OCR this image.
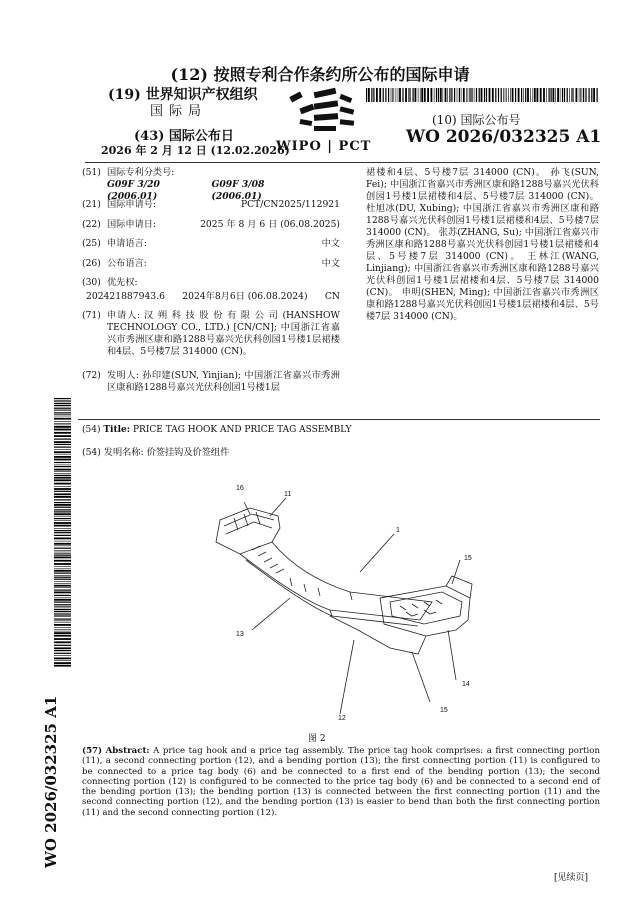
(12) 按照专利合作条约所公布的国际申请
(19) 世界知识产权组织
国际局
(43) 国际公布日
2026 年 2 月 12 日 (12.02.2026)
WIPO | PCT
(10) 国际公布号
WO 2026/032325 A1
(51) 国际专利分类号:
G09F 3/20 (2006.01)
G09F 3/08 (2006.01)
(21) 国际申请号:	PCT/CN2025/112921
(22) 国际申请日:	2025 年 8 月 6 日 (06.08.2025)
(25) 申请语言:	中文
(26) 公布语言:	中文
(30) 优先权:
202421887943.6 2024年8月6日 (06.08.2024) CN
(71) 申请人: 汉 朔 科 技 股 份 有 限 公 司 (HANSHOW TECHNOLOGY CO., LTD.) [CN/CN]; 中国浙江省嘉兴市秀洲区康和路1288号嘉兴光伏科创园1号楼1层裙楼和4层、5号楼7层 314000 (CN)。
(72) 发明人: 孙印建(SUN, Yinjian); 中国浙江省嘉兴市秀洲区康和路1288号嘉兴光伏科创园1号楼1层
裙楼和4层、5号楼7层 314000 (CN)。 孙飞(SUN, Fei); 中国浙江省嘉兴市秀洲区康和路1288号嘉兴光伏科创园1号楼1层裙楼和4层、5号楼7层 314000 (CN)。 杜旭冰(DU, Xubing); 中国浙江省嘉兴市秀洲区康和路1288号嘉兴光伏科创园1号楼1层裙楼和4层、5号楼7层 314000 (CN)。 张苏(ZHANG, Su); 中国浙江省嘉兴市秀洲区康和路1288号嘉兴光伏科创园1号楼1层裙楼和4层、5号楼7层 314000 (CN)。 王林江(WANG, Linjiang); 中国浙江省嘉兴市秀洲区康和路1288号嘉兴光伏科创园1号楼1层裙楼和4层、5号楼7层 314000 (CN)。 申明(SHEN, Ming); 中国浙江省嘉兴市秀洲区康和路1288号嘉兴光伏科创园1号楼1层裙楼和4层、5号楼7层 314000 (CN)。
WO 2026/032325 A1
(54) Title: PRICE TAG HOOK AND PRICE TAG ASSEMBLY
(54) 发明名称: 价签挂钩及价签组件
16
11
1
15
13
14
12
15
图 2
(57) Abstract: A price tag hook and a price tag assembly. The price tag hook comprises: a first connecting portion (11), a second connecting portion (12), and a bending portion (13); the first connecting portion (11) is configured to be connected to a price tag body (6) and be connected to a first end of the bending portion (13); the second connecting portion (12) is configured to be connected to the price tag body (6) and be connected to a second end of the bending portion (13); the bending portion (13) is connected between the first connecting portion (11) and the second connecting portion (12), and the bending portion (13) is easier to bend than both the first connecting portion (11) and the second connecting portion (12).
[见续页]
